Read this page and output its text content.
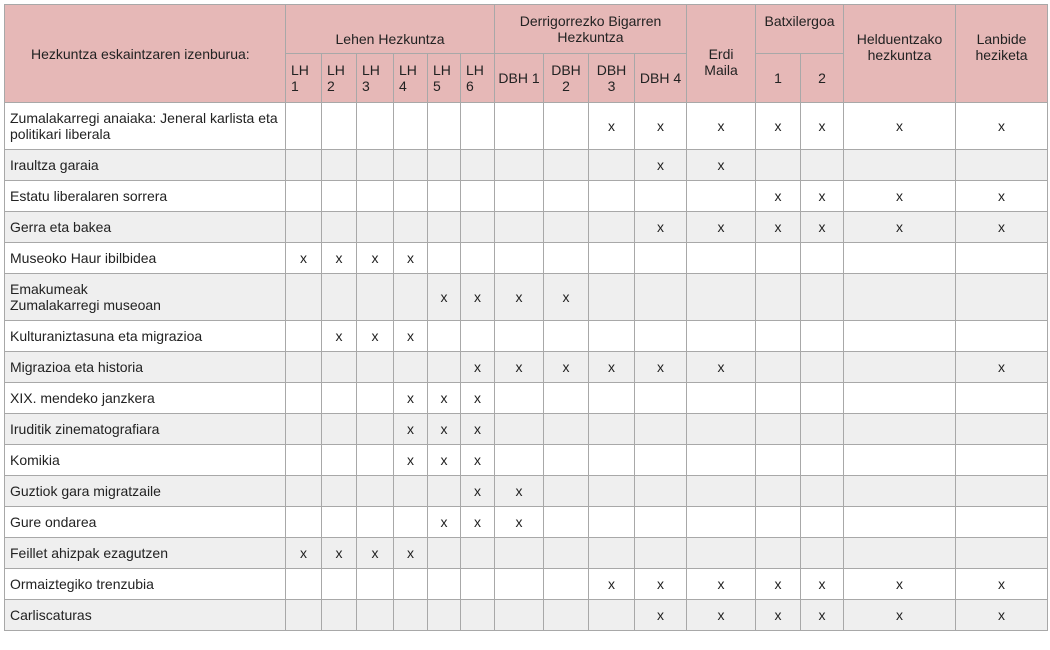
Hezkuntza eskaintzaren izenburua:	Lehen Hezkuntza						Derrigorrezko Bigarren Hezkuntza				Erdi Maila	Batxilergoa		Helduentzako hezkuntza	Lanbide heziketa
	LH 1	LH 2	LH 3	LH 4	LH 5	LH 6	DBH 1	DBH 2	DBH 3	DBH 4		1	2		
Zumalakarregi anaiaka: Jeneral karlista eta politikari liberala									x	x	x	x	x	x	x
Iraultza garaia										x	x				
Estatu liberalaren sorrera												x	x	x	x
Gerra eta bakea										x	x	x	x	x	x
Museoko Haur ibilbidea	x	x	x	x											
Emakumeak
Zumalakarregi museoan					x	x	x	x							
Kulturaniztasuna eta migrazioa		x	x	x											
Migrazioa eta historia						x	x	x	x	x	x				x
XIX. mendeko janzkera				x	x	x									
Iruditik zinematografiara				x	x	x									
Komikia				x	x	x									
Guztiok gara migratzaile						x	x								
Gure ondarea					x	x	x								
Feillet ahizpak ezagutzen	x	x	x	x											
Ormaiztegiko trenzubia									x	x	x	x	x	x	x
Carliscaturas										x	x	x	x	x	x
